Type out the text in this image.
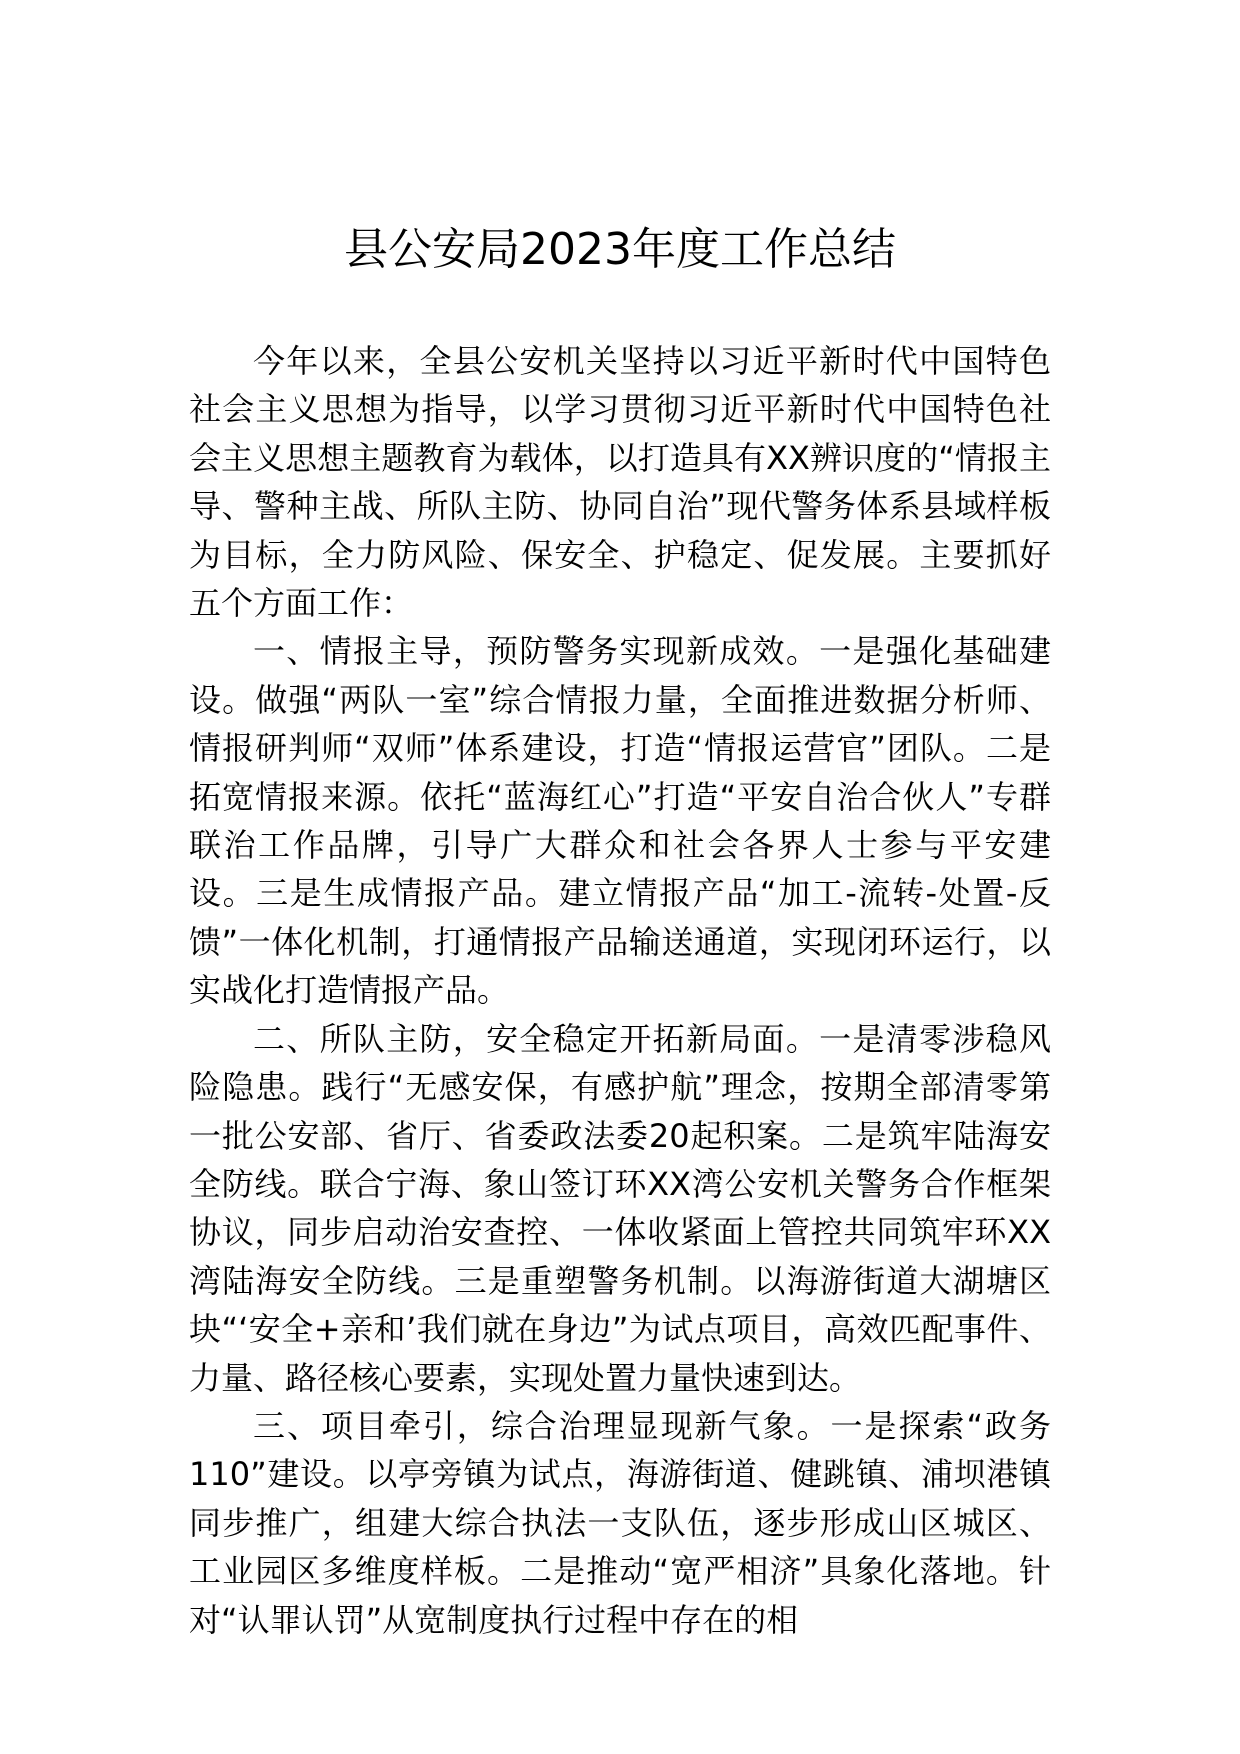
县公安局2023年度工作总结

今年以来，全县公安机关坚持以习近平新时代中国特色社会主义思想为指导，以学习贯彻习近平新时代中国特色社会主义思想主题教育为载体，以打造具有XX辨识度的“情报主导、警种主战、所队主防、协同自治”现代警务体系县域样板为目标，全力防风险、保安全、护稳定、促发展。主要抓好五个方面工作：

一、情报主导，预防警务实现新成效。一是强化基础建设。做强“两队一室”综合情报力量，全面推进数据分析师、情报研判师“双师”体系建设，打造“情报运营官”团队。二是拓宽情报来源。依托“蓝海红心”打造“平安自治合伙人”专群联治工作品牌，引导广大群众和社会各界人士参与平安建设。三是生成情报产品。建立情报产品“加工-流转-处置-反馈”一体化机制，打通情报产品输送通道，实现闭环运行，以实战化打造情报产品。

二、所队主防，安全稳定开拓新局面。一是清零涉稳风险隐患。践行“无感安保，有感护航”理念，按期全部清零第一批公安部、省厅、省委政法委20起积案。二是筑牢陆海安全防线。联合宁海、象山签订环XX湾公安机关警务合作框架协议，同步启动治安查控、一体收紧面上管控共同筑牢环XX湾陆海安全防线。三是重塑警务机制。以海游街道大湖塘区块“‘安全+亲和’我们就在身边”为试点项目，高效匹配事件、力量、路径核心要素，实现处置力量快速到达。

三、项目牵引，综合治理显现新气象。一是探索“政务110”建设。以亭旁镇为试点，海游街道、健跳镇、浦坝港镇同步推广，组建大综合执法一支队伍，逐步形成山区城区、工业园区多维度样板。二是推动“宽严相济”具象化落地。针对“认罪认罚”从宽制度执行过程中存在的相
